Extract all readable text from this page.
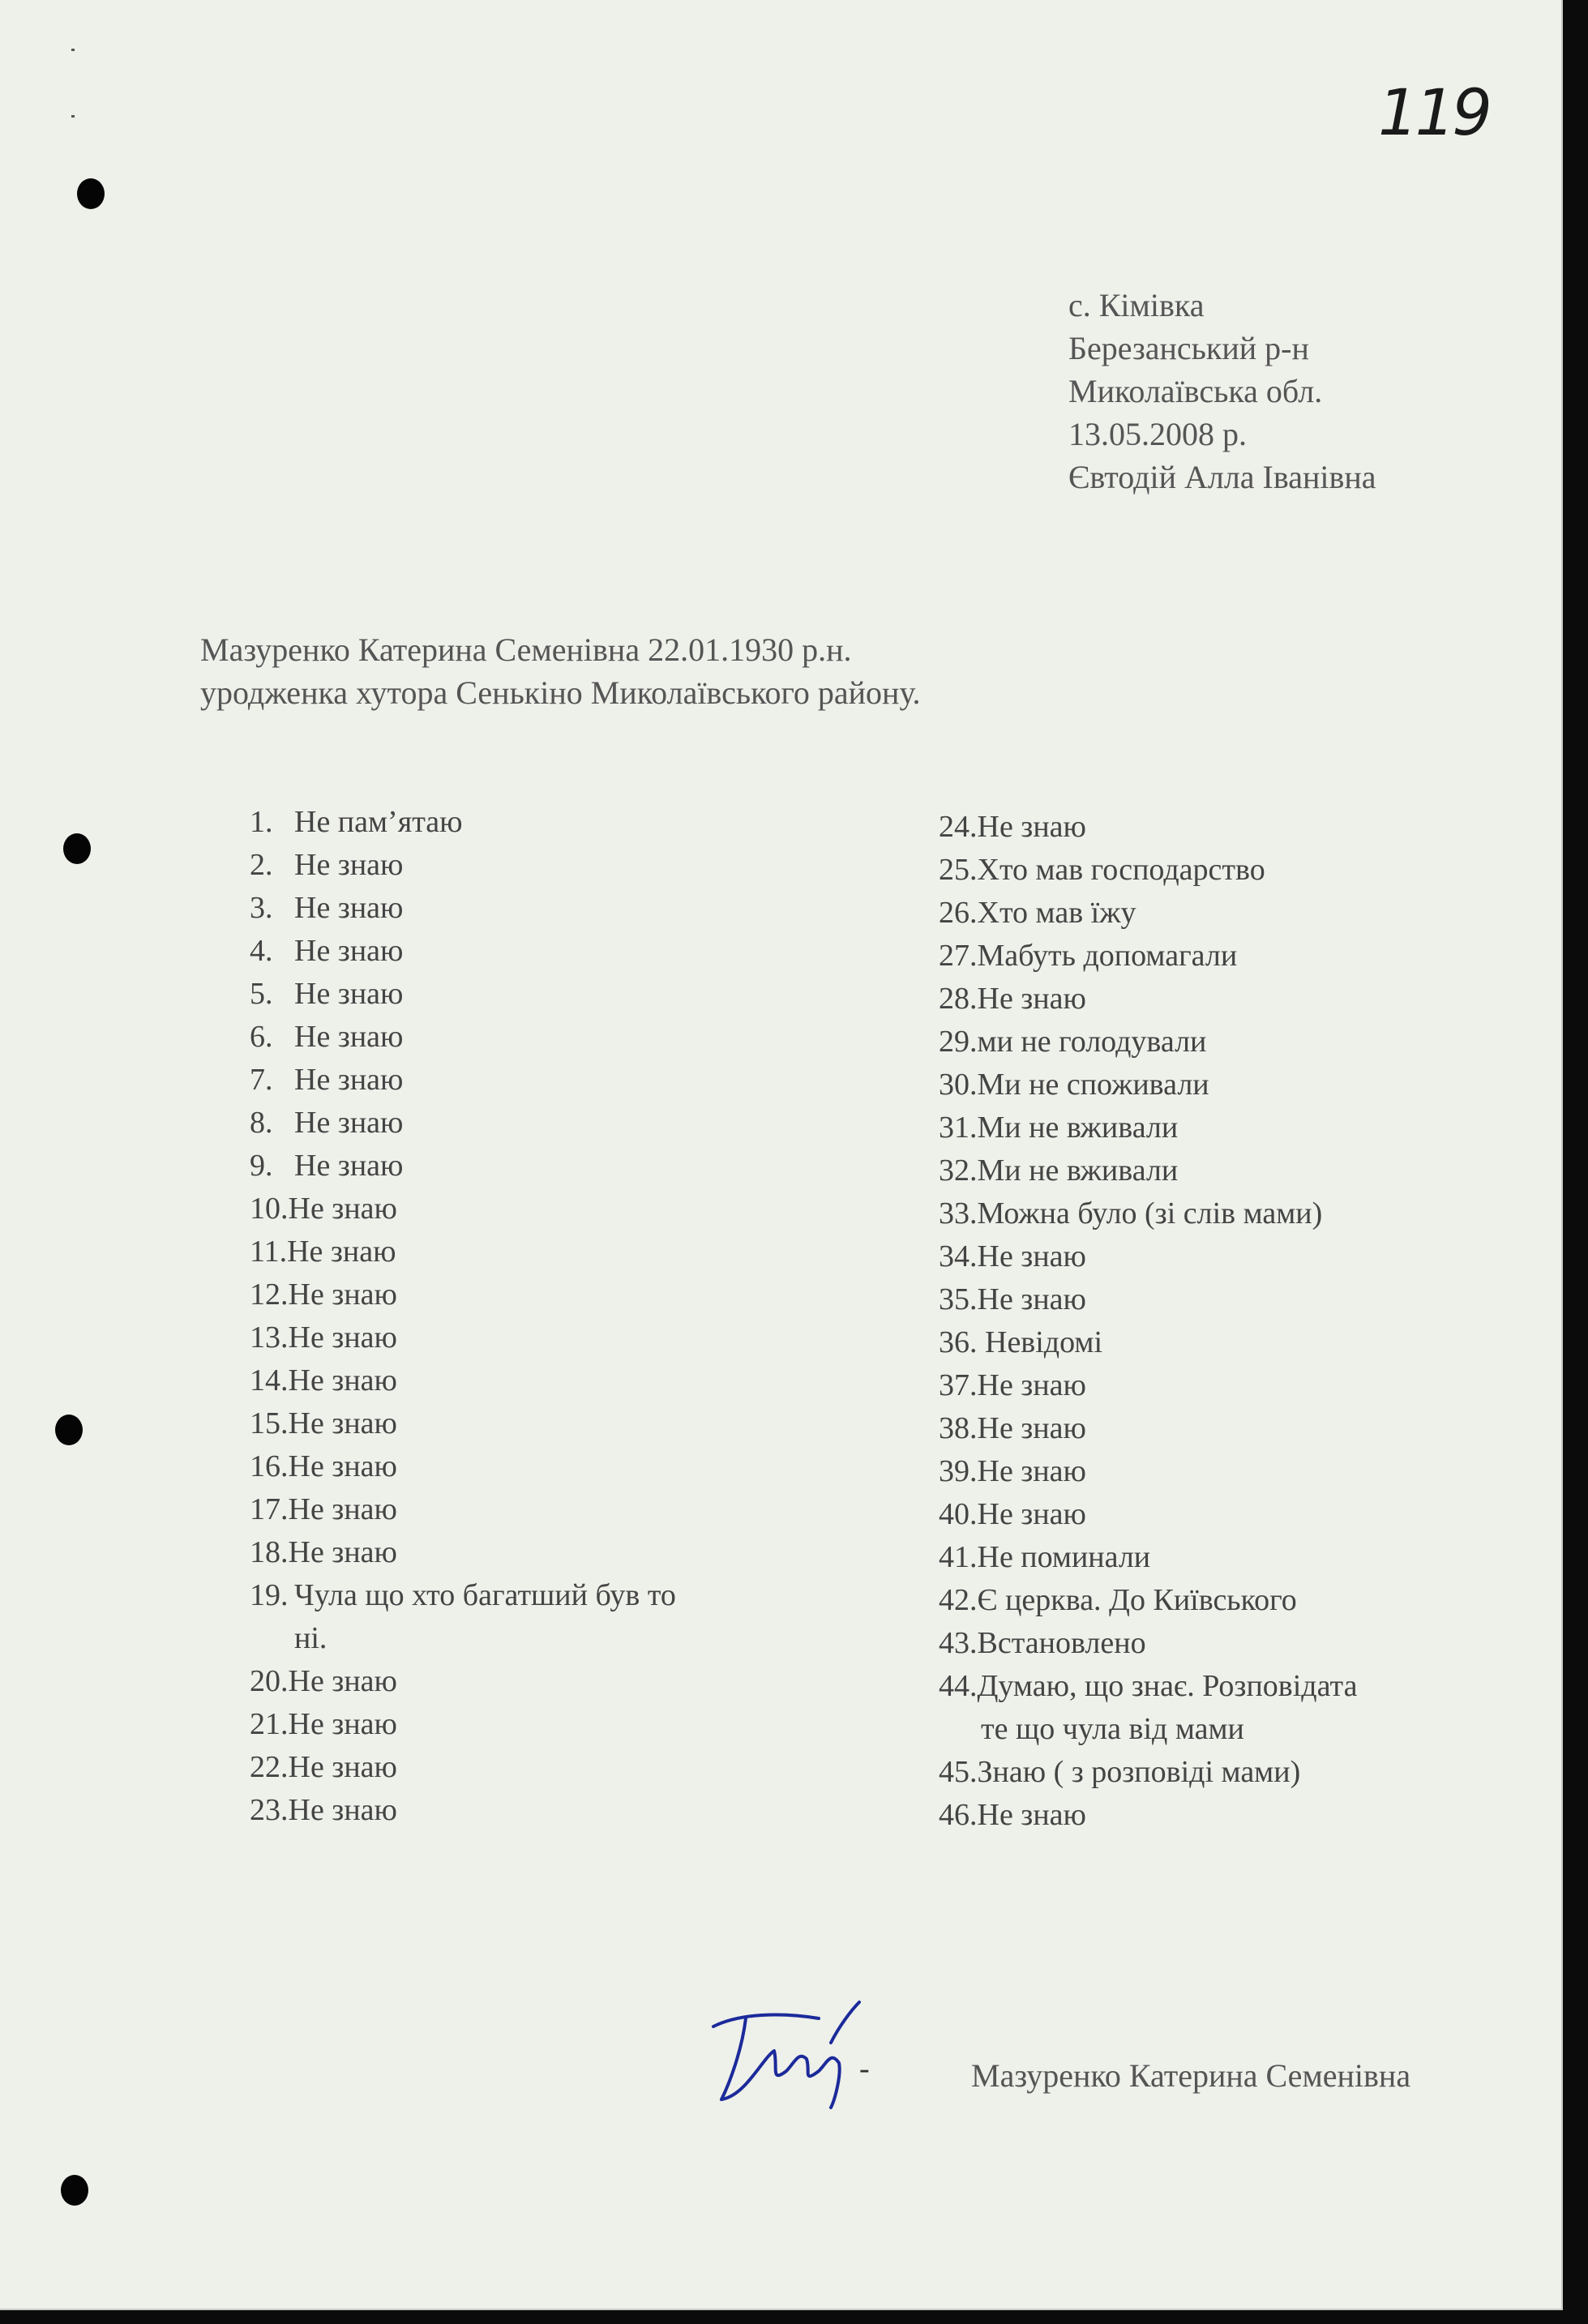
119
с. Кімівка
Березанський р-н
Миколаївська обл.
13.05.2008 р.
Євтодій Алла Іванівна
Мазуренко Катерина Семенівна 22.01.1930 р.н.
уродженка хутора Сенькіно Миколаївського району.
1. Не пам’ятаю
2. Не знаю
3. Не знаю
4. Не знаю
5. Не знаю
6. Не знаю
7. Не знаю
8. Не знаю
9. Не знаю
10.Не знаю
11.Не знаю
12.Не знаю
13.Не знаю
14.Не знаю
15.Не знаю
16.Не знаю
17.Не знаю
18.Не знаю
19. Чула що хто багатший був то
ні.
20.Не знаю
21.Не знаю
22.Не знаю
23.Не знаю
24.Не знаю
25.Хто мав господарство
26.Хто мав їжу
27.Мабуть допомагали
28.Не знаю
29.ми не голодували
30.Ми не споживали
31.Ми не вживали
32.Ми не вживали
33.Можна було (зі слів мами)
34.Не знаю
35.Не знаю
36. Невідомі
37.Не знаю
38.Не знаю
39.Не знаю
40.Не знаю
41.Не поминали
42.Є церква. До Київського
43.Встановлено
44.Думаю, що знає. Розповідата
те що чула від мами
45.Знаю ( з розповіді мами)
46.Не знаю
-	Мазуренко Катерина Семенівна
